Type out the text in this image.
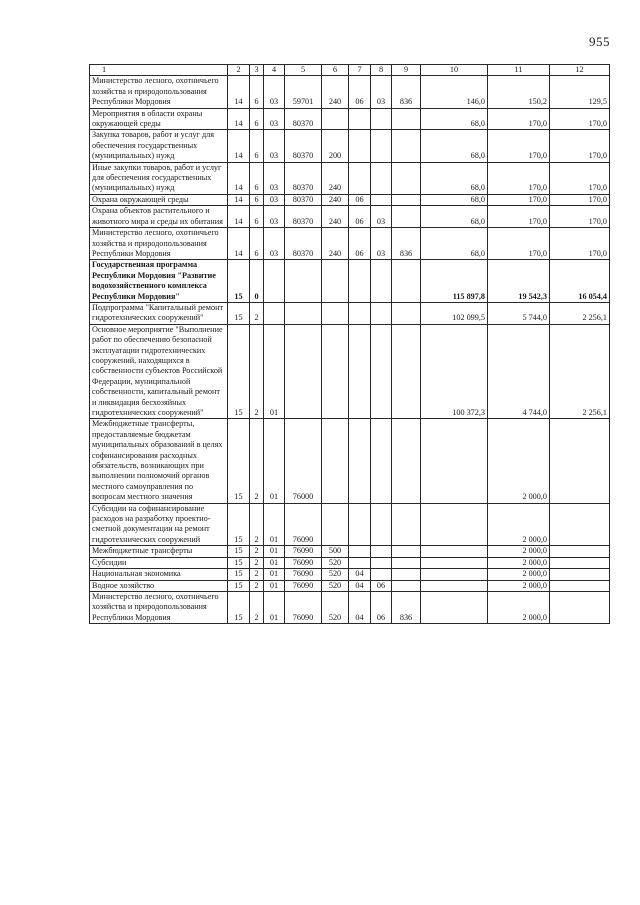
955
1	2	3	4	5	6	7	8	9	10	11	12
Министерство лесного, охотничьего хозяйства и природопользования Республики Мордовия	14	6	03	59701	240	06	03	836	146,0	150,2	129,5
Мероприятия в области охраны окружающей среды	14	6	03	80370					68,0	170,0	170,0
Закупка товаров, работ и услуг для обеспечения государственных (муниципальных) нужд	14	6	03	80370	200				68,0	170,0	170,0
Иные закупки товаров, работ и услуг для обеспечения государственных (муниципальных) нужд	14	6	03	80370	240				68,0	170,0	170,0
Охрана окружающей среды	14	6	03	80370	240	06			68,0	170,0	170,0
Охрана объектов растительного и животного мира и среды их обитания	14	6	03	80370	240	06	03		68,0	170,0	170,0
Министерство лесного, охотничьего хозяйства и природопользования Республики Мордовия	14	6	03	80370	240	06	03	836	68,0	170,0	170,0
Государственная программа Республики Мордовия "Развитие водохозяйственного комплекса Республики Мордовия"	15	0							115 897,8	19 542,3	16 054,4
Подпрограмма "Капитальный ремонт гидротехнических сооружений"	15	2							102 099,5	5 744,0	2 256,1
Основное мероприятие "Выполнение работ по обеспечению безопасной эксплуатации гидротехнических сооружений, находящихся в собственности субъектов Российской Федерации, муниципальной собственности, капитальный ремонт и ликвидация бесхозяйных гидротехнических сооружений"	15	2	01						100 372,3	4 744,0	2 256,1
Межбюджетные трансферты, предоставляемые бюджетам муниципальных образований в целях софинансирования расходных обязательств, возникающих при выполнении полномочий органов местного самоуправления по вопросам местного значения	15	2	01	76000						2 000,0	
Субсидии на софинансирование расходов на разработку проектно-сметной документации на ремонт гидротехнических сооружений	15	2	01	76090						2 000,0	
Межбюджетные трансферты	15	2	01	76090	500					2 000,0	
Субсидии	15	2	01	76090	520					2 000,0	
Национальная экономика	15	2	01	76090	520	04				2 000,0	
Водное хозяйство	15	2	01	76090	520	04	06			2 000,0	
Министерство лесного, охотничьего хозяйства и природопользования Республики Мордовия	15	2	01	76090	520	04	06	836		2 000,0	
